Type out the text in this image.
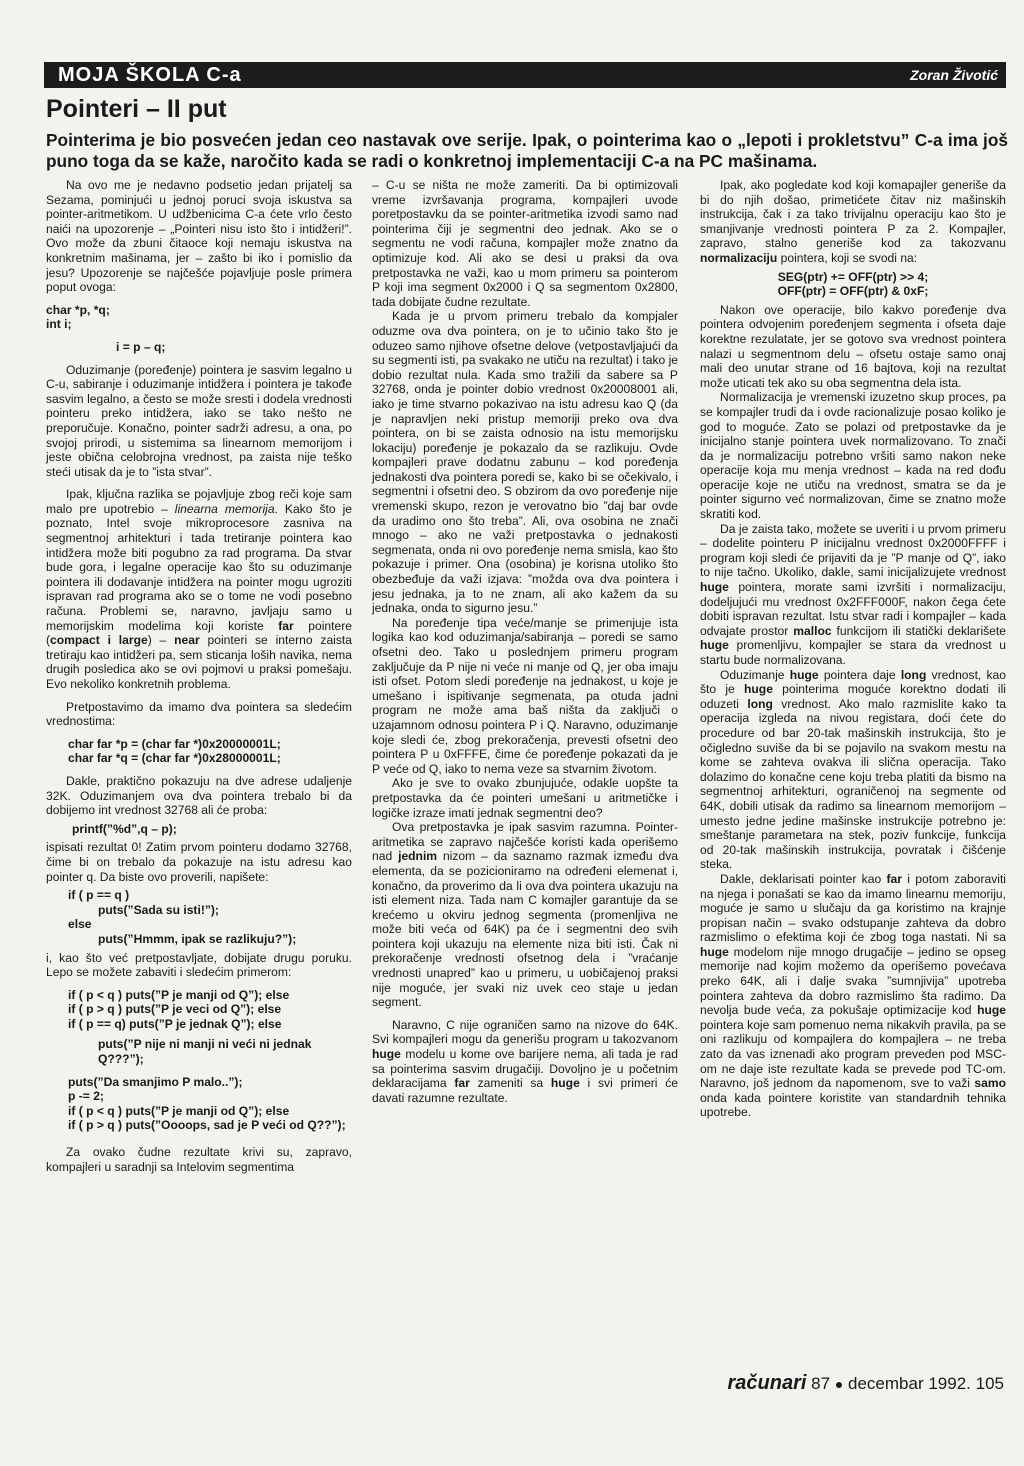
MOJA ŠKOLA C-a	Zoran Životić
Pointeri – II put
Pointerima je bio posvećen jedan ceo nastavak ove serije. Ipak, o pointerima kao o „lepoti i prokletstvu” C-a ima još puno toga da se kaže, naročito kada se radi o konkretnoj implementaciji C-a na PC mašinama.

Na ovo me je nedavno podsetio jedan prijatelj sa Sezama, pominjući u jednoj poruci svoja iskustva sa pointer-aritmetikom. U udžbenicima C-a ćete vrlo često naići na upozorenje – „Pointeri nisu isto što i intidžeri!”. Ovo može da zbuni čitaoce koji nemaju iskustva na konkretnim mašinama, jer – zašto bi iko i pomislio da jesu? Upozorenje se najčešće pojavljuje posle primera poput ovoga:

char *p, *q;
int i;
i = p – q;

Oduzimanje (poređenje) pointera je sasvim legalno u C-u, sabiranje i oduzimanje intidžera i pointera je takođe sasvim legalno, a često se može sresti i dodela vrednosti pointeru preko intidžera, iako se tako nešto ne preporučuje. Konačno, pointer sadrži adresu, a ona, po svojoj prirodi, u sistemima sa linearnom memorijom i jeste obična celobrojna vrednost, pa zaista nije teško steći utisak da je to ”ista stvar”.

Ipak, ključna razlika se pojavljuje zbog reči koje sam malo pre upotrebio – linearna memorija. Kako što je poznato, Intel svoje mikroprocesore zasniva na segmentnoj arhitekturi i tada tretiranje pointera kao intidžera može biti pogubno za rad programa. Da stvar bude gora, i legalne operacije kao što su oduzimanje pointera ili dodavanje intidžera na pointer mogu ugroziti ispravan rad programa ako se o tome ne vodi posebno računa. Problemi se, naravno, javljaju samo u memorijskim modelima koji koriste far pointere (compact i large) – near pointeri se interno zaista tretiraju kao intidžeri pa, sem sticanja loših navika, nema drugih posledica ako se ovi pojmovi u praksi pomešaju. Evo nekoliko konkretnih problema.

Pretpostavimo da imamo dva pointera sa sledećim vrednostima:

char far *p = (char far *)0x20000001L;
char far *q = (char far *)0x28000001L;

Dakle, praktično pokazuju na dve adrese udaljenje 32K. Oduzimanjem ova dva pointera trebalo bi da dobijemo int vrednost 32768 ali će proba:

printf(”%d”,q – p);

ispisati rezultat 0! Zatim prvom pointeru dodamo 32768, čime bi on trebalo da pokazuje na istu adresu kao pointer q. Da biste ovo proverili, napišete:

if ( p == q )
puts(”Sada su isti!”);
else
puts(”Hmmm, ipak se razlikuju?”);

i, kao što već pretpostavljate, dobijate drugu poruku. Lepo se možete zabaviti i sledećim primerom:

if ( p < q ) puts(”P je manji od Q”); else
if ( p > q ) puts(”P je veci od Q”); else
if ( p == q) puts(”P je jednak Q”); else
puts(”P nije ni manji ni veći ni jednak Q???”);
puts(”Da smanjimo P malo..”);
p -= 2;
if ( p < q ) puts(”P je manji od Q”); else
if ( p > q ) puts(”Oooops, sad je P veći od Q??”);

Za ovako čudne rezultate krivi su, zapravo, kompajleri u saradnji sa Intelovim segmentima

– C-u se ništa ne može zameriti. Da bi optimizovali vreme izvršavanja programa, kompajleri uvode poretpostavku da se pointer-aritmetika izvodi samo nad pointerima čiji je segmentni deo jednak. Ako se o segmentu ne vodi računa, kompajler može znatno da optimizuje kod. Ali ako se desi u praksi da ova pretpostavka ne važi, kao u mom primeru sa pointerom P koji ima segment 0x2000 i Q sa segmentom 0x2800, tada dobijate čudne rezultate.

Kada je u prvom primeru trebalo da kompjaler oduzme ova dva pointera, on je to učinio tako što je oduzeo samo njihove ofsetne delove (vetpostavljajući da su segmenti isti, pa svakako ne utiču na rezultat) i tako je dobio rezultat nula. Kada smo tražili da sabere sa P 32768, onda je pointer dobio vrednost 0x20008001 ali, iako je time stvarno pokazivao na istu adresu kao Q (da je napravljen neki pristup memoriji preko ova dva pointera, on bi se zaista odnosio na istu memorijsku lokaciju) poređenje je pokazalo da se razlikuju. Ovde kompajleri prave dodatnu zabunu – kod poređenja jednakosti dva pointera poredi se, kako bi se očekivalo, i segmentni i ofsetni deo. S obzirom da ovo poređenje nije vremenski skupo, rezon je verovatno bio ”daj bar ovde da uradimo ono što treba”. Ali, ova osobina ne znači mnogo – ako ne važi pretpostavka o jednakosti segmenata, onda ni ovo poređenje nema smisla, kao što pokazuje i primer. Ona (osobina) je korisna utoliko što obezbeđuje da važi izjava: ”možda ova dva pointera i jesu jednaka, ja to ne znam, ali ako kažem da su jednaka, onda to sigurno jesu.”

Na poređenje tipa veće/manje se primenjuje ista logika kao kod oduzimanja/sabiranja – poredi se samo ofsetni deo. Tako u poslednjem primeru program zaključuje da P nije ni veće ni manje od Q, jer oba imaju isti ofset. Potom sledi poređenje na jednakost, u koje je umešano i ispitivanje segmenata, pa otuda jadni program ne može ama baš ništa da zaključi o uzajamnom odnosu pointera P i Q. Naravno, oduzimanje koje sledi će, zbog prekoračenja, prevesti ofsetni deo pointera P u 0xFFFE, čime će poređenje pokazati da je P veće od Q, iako to nema veze sa stvarnim životom.

Ako je sve to ovako zbunjujuće, odakle uopšte ta pretpostavka da će pointeri umešani u aritmetičke i logičke izraze imati jednak segmentni deo?

Ova pretpostavka je ipak sasvim razumna. Pointer-aritmetika se zapravo najčešće koristi kada operišemo nad jednim nizom – da saznamo razmak između dva elementa, da se pozicioniramo na određeni elemenat i, konačno, da proverimo da li ova dva pointera ukazuju na isti element niza. Tada nam C komajler garantuje da se krećemo u okviru jednog segmenta (promenljiva ne može biti veća od 64K) pa će i segmentni deo svih pointera koji ukazuju na elemente niza biti isti. Čak ni prekoračenje vrednosti ofsetnog dela i ”vraćanje vrednosti unapred” kao u primeru, u uobičajenoj praksi nije moguće, jer svaki niz uvek ceo staje u jedan segment.

Naravno, C nije ograničen samo na nizove do 64K. Svi kompajleri mogu da generišu program u takozvanom huge modelu u kome ove barijere nema, ali tada je rad sa pointerima sasvim drugačiji. Dovoljno je u početnim deklaracijama far zameniti sa huge i svi primeri će davati razumne rezultate.

Ipak, ako pogledate kod koji komapajler generiše da bi do njih došao, primetićete čitav niz mašinskih instrukcija, čak i za tako trivijalnu operaciju kao što je smanjivanje vrednosti pointera P za 2. Kompajler, zapravo, stalno generiše kod za takozvanu normalizaciju pointera, koji se svodi na:

SEG(ptr) += OFF(ptr) >> 4;
OFF(ptr) = OFF(ptr) & 0xF;

Nakon ove operacije, bilo kakvo poređenje dva pointera odvojenim poređenjem segmenta i ofseta daje korektne rezulatate, jer se gotovo sva vrednost pointera nalazi u segmentnom delu – ofsetu ostaje samo onaj mali deo unutar strane od 16 bajtova, koji na rezultat može uticati tek ako su oba segmentna dela ista.

Normalizacija je vremenski izuzetno skup proces, pa se kompajler trudi da i ovde racionalizuje posao koliko je god to moguće. Zato se polazi od pretpostavke da je inicijalno stanje pointera uvek normalizovano. To znači da je normalizaciju potrebno vršiti samo nakon neke operacije koja mu menja vrednost – kada na red dođu operacije koje ne utiču na vrednost, smatra se da je pointer sigurno već normalizovan, čime se znatno može skratiti kod.

Da je zaista tako, možete se uveriti i u prvom primeru – dodelite pointeru P inicijalnu vrednost 0x2000FFFF i program koji sledi će prijaviti da je ”P manje od Q”, iako to nije tačno. Ukoliko, dakle, sami inicijalizujete vrednost huge pointera, morate sami izvršiti i normalizaciju, dodeljujući mu vrednost 0x2FFF000F, nakon čega ćete dobiti ispravan rezultat. Istu stvar radi i kompajler – kada odvajate prostor malloc funkcijom ili statički deklarišete huge promenljivu, kompajler se stara da vrednost u startu bude normalizovana.

Oduzimanje huge pointera daje long vrednost, kao što je huge pointerima moguće korektno dodati ili oduzeti long vrednost. Ako malo razmislite kako ta operacija izgleda na nivou registara, doći ćete do procedure od bar 20-tak mašinskih instrukcija, što je očigledno suviše da bi se pojavilo na svakom mestu na kome se zahteva ovakva ili slična operacija. Tako dolazimo do konačne cene koju treba platiti da bismo na segmentnoj arhitekturi, ograničenoj na segmente od 64K, dobili utisak da radimo sa linearnom memorijom – umesto jedne jedine mašinske instrukcije potrebno je: smeštanje parametara na stek, poziv funkcije, funkcija od 20-tak mašinskih instrukcija, povratak i čišćenje steka.

Dakle, deklarisati pointer kao far i potom zaboraviti na njega i ponašati se kao da imamo linearnu memoriju, moguće je samo u slučaju da ga koristimo na krajnje propisan način – svako odstupanje zahteva da dobro razmislimo o efektima koji će zbog toga nastati. Ni sa huge modelom nije mnogo drugačije – jedino se opseg memorije nad kojim možemo da operišemo povećava preko 64K, ali i dalje svaka ”sumnjivija” upotreba pointera zahteva da dobro razmislimo šta radimo. Da nevolja bude veća, za pokušaje optimizacije kod huge pointera koje sam pomenuo nema nikakvih pravila, pa se oni razlikuju od kompajlera do kompajlera – ne treba zato da vas iznenadi ako program preveden pod MSC-om ne daje iste rezultate kada se prevede pod TC-om. Naravno, još jednom da napomenom, sve to važi samo onda kada pointere koristite van standardnih tehnika upotrebe.

računari 87 ● decembar 1992. 105
